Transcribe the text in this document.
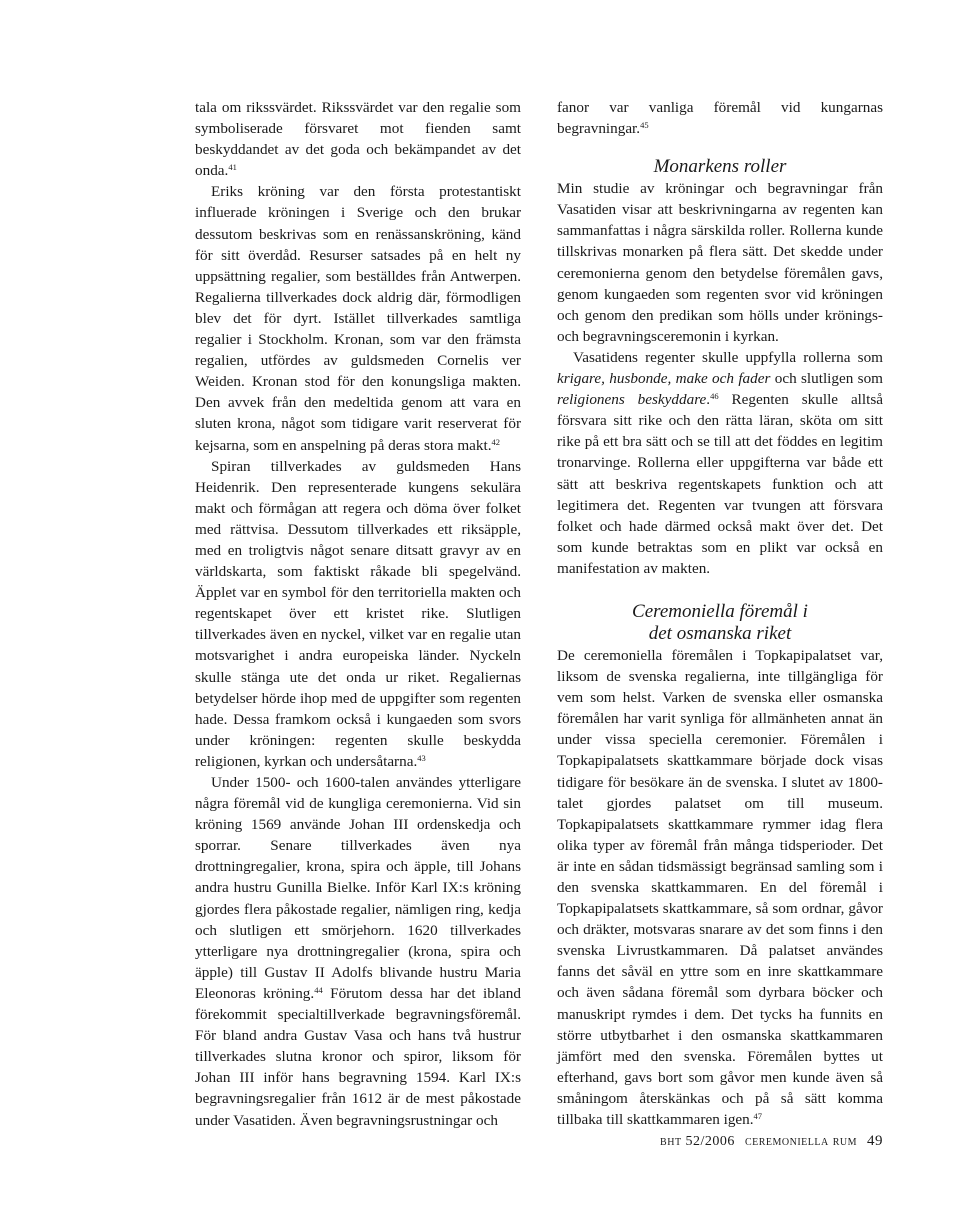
tala om rikssvärdet. Rikssvärdet var den regalie som symboliserade försvaret mot fienden samt beskyddandet av det goda och bekämpandet av det onda.$^{41}$

Eriks kröning var den första protestantiskt influerade kröningen i Sverige och den brukar dessutom beskrivas som en renässanskröning, känd för sitt överdåd. Resurser satsades på en helt ny uppsättning regalier, som beställdes från Antwerpen. Regalierna tillverkades dock aldrig där, förmodligen blev det för dyrt. Istället tillverkades samtliga regalier i Stockholm. Kronan, som var den främsta regalien, utfördes av guldsmeden Cornelis ver Weiden. Kronan stod för den konungsliga makten. Den avvek från den medeltida genom att vara en sluten krona, något som tidigare varit reserverat för kejsarna, som en anspelning på deras stora makt.$^{42}$

Spiran tillverkades av guldsmeden Hans Heidenrik. Den representerade kungens sekulära makt och förmågan att regera och döma över folket med rättvisa. Dessutom tillverkades ett riksäpple, med en troligtvis något senare ditsatt gravyr av en världskarta, som faktiskt råkade bli spegelvänd. Äpplet var en symbol för den territoriella makten och regentskapet över ett kristet rike. Slutligen tillverkades även en nyckel, vilket var en regalie utan motsvarighet i andra europeiska länder. Nyckeln skulle stänga ute det onda ur riket. Regaliernas betydelser hörde ihop med de uppgifter som regenten hade. Dessa framkom också i kungaeden som svors under kröningen: regenten skulle beskydda religionen, kyrkan och undersåtarna.$^{43}$

Under 1500- och 1600-talen användes ytterligare några föremål vid de kungliga ceremonierna. Vid sin kröning 1569 använde Johan III ordenskedja och sporrar. Senare tillverkades även nya drottningregalier, krona, spira och äpple, till Johans andra hustru Gunilla Bielke. Inför Karl IX:s kröning gjordes flera påkostade regalier, nämligen ring, kedja och slutligen ett smörjehorn. 1620 tillverkades ytterligare nya drottningregalier (krona, spira och äpple) till Gustav II Adolfs blivande hustru Maria Eleonoras kröning.$^{44}$ Förutom dessa har det ibland förekommit specialtillverkade begravningsföremål. För bland andra Gustav Vasa och hans två hustrur tillverkades slutna kronor och spiror, liksom för Johan III inför hans begravning 1594. Karl IX:s begravningsregalier från 1612 är de mest påkostade under Vasatiden. Även begravningsrustningar och

fanor var vanliga föremål vid kungarnas begravningar.$^{45}$

Monarkens roller

Min studie av kröningar och begravningar från Vasatiden visar att beskrivningarna av regenten kan sammanfattas i några särskilda roller. Rollerna kunde tillskrivas monarken på flera sätt. Det skedde under ceremonierna genom den betydelse föremålen gavs, genom kungaeden som regenten svor vid kröningen och genom den predikan som hölls under krönings- och begravningsceremonin i kyrkan.

Vasatidens regenter skulle uppfylla rollerna som krigare, husbonde, make och fader och slutligen som religionens beskyddare.$^{46}$ Regenten skulle alltså försvara sitt rike och den rätta läran, sköta om sitt rike på ett bra sätt och se till att det föddes en legitim tronarvinge. Rollerna eller uppgifterna var både ett sätt att beskriva regentskapets funktion och att legitimera det. Regenten var tvungen att försvara folket och hade därmed också makt över det. Det som kunde betraktas som en plikt var också en manifestation av makten.

Ceremoniella föremål i
det osmanska riket

De ceremoniella föremålen i Topkapipalatset var, liksom de svenska regalierna, inte tillgängliga för vem som helst. Varken de svenska eller osmanska föremålen har varit synliga för allmänheten annat än under vissa speciella ceremonier. Föremålen i Topkapipalatsets skattkammare började dock visas tidigare för besökare än de svenska. I slutet av 1800-talet gjordes palatset om till museum. Topkapipalatsets skattkammare rymmer idag flera olika typer av föremål från många tidsperioder. Det är inte en sådan tidsmässigt begränsad samling som i den svenska skattkammaren. En del föremål i Topkapipalatsets skattkammare, så som ordnar, gåvor och dräkter, motsvaras snarare av det som finns i den svenska Livrustkammaren. Då palatset användes fanns det såväl en yttre som en inre skattkammare och även sådana föremål som dyrbara böcker och manuskript rymdes i dem. Det tycks ha funnits en större utbytbarhet i den osmanska skattkammaren jämfört med den svenska. Föremålen byttes ut efterhand, gavs bort som gåvor men kunde även så småningom återskänkas och på så sätt komma tillbaka till skattkammaren igen.$^{47}$

bht 52/2006 ceremoniella rum 49
